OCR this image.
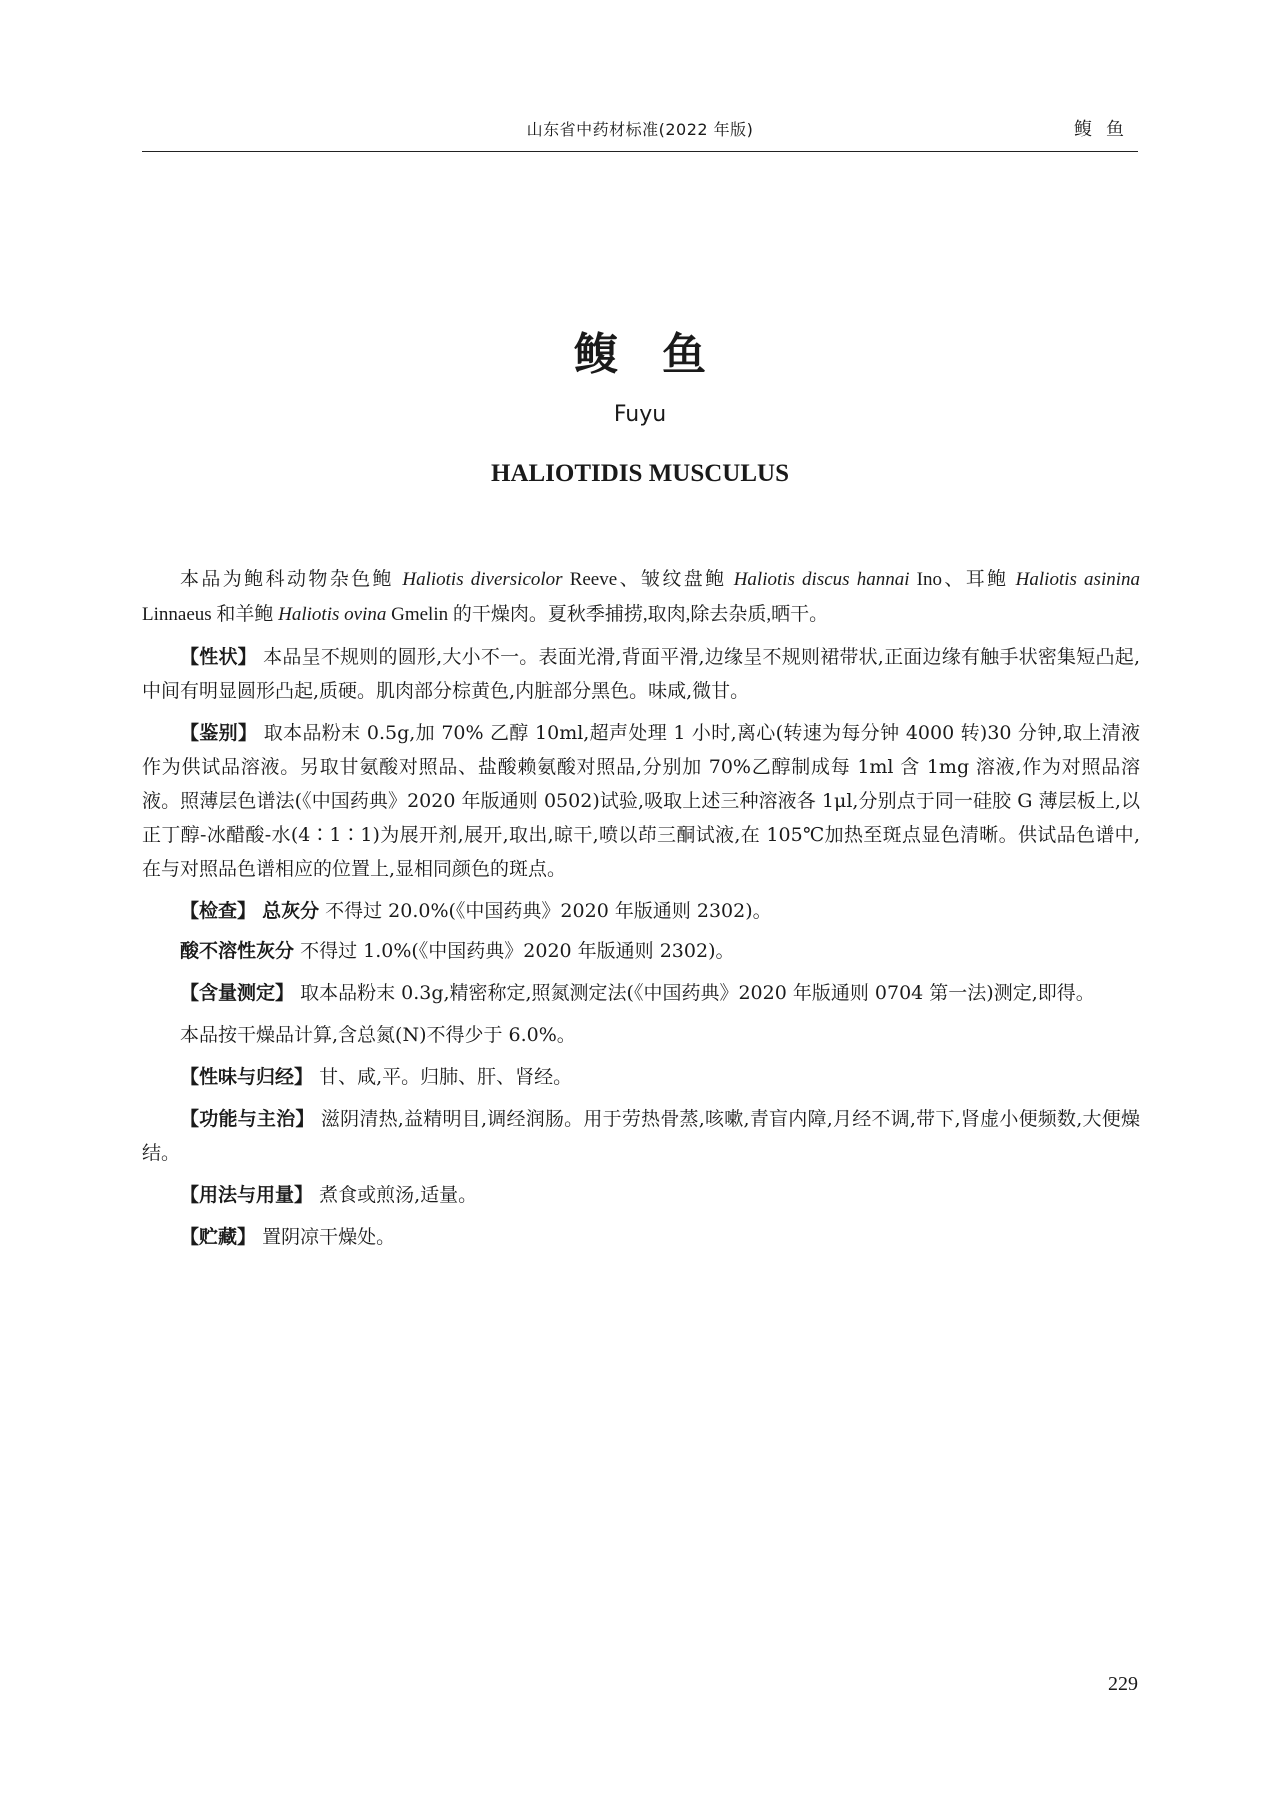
山东省中药材标准(2022 年版)	鳆鱼
鳆鱼
Fuyu
HALIOTIDIS MUSCULUS

本品为鲍科动物杂色鲍 Haliotis diversicolor Reeve、皱纹盘鲍 Haliotis discus hannai Ino、耳鲍 Haliotis asinina Linnaeus 和羊鲍 Haliotis ovina Gmelin 的干燥肉。夏秋季捕捞,取肉,除去杂质,晒干。

【性状】 本品呈不规则的圆形,大小不一。表面光滑,背面平滑,边缘呈不规则裙带状,正面边缘有触手状密集短凸起,中间有明显圆形凸起,质硬。肌肉部分棕黄色,内脏部分黑色。味咸,微甘。

【鉴别】 取本品粉末 0.5g,加 70% 乙醇 10ml,超声处理 1 小时,离心(转速为每分钟 4000 转)30 分钟,取上清液作为供试品溶液。另取甘氨酸对照品、盐酸赖氨酸对照品,分别加 70%乙醇制成每 1ml 含 1mg 溶液,作为对照品溶液。照薄层色谱法(《中国药典》2020 年版通则 0502)试验,吸取上述三种溶液各 1μl,分别点于同一硅胶 G 薄层板上,以正丁醇-冰醋酸-水(4∶1∶1)为展开剂,展开,取出,晾干,喷以茚三酮试液,在 105℃加热至斑点显色清晰。供试品色谱中,在与对照品色谱相应的位置上,显相同颜色的斑点。

【检查】 总灰分 不得过 20.0%(《中国药典》2020 年版通则 2302)。

酸不溶性灰分 不得过 1.0%(《中国药典》2020 年版通则 2302)。

【含量测定】 取本品粉末 0.3g,精密称定,照氮测定法(《中国药典》2020 年版通则 0704 第一法)测定,即得。

本品按干燥品计算,含总氮(N)不得少于 6.0%。

【性味与归经】 甘、咸,平。归肺、肝、肾经。

【功能与主治】 滋阴清热,益精明目,调经润肠。用于劳热骨蒸,咳嗽,青盲内障,月经不调,带下,肾虚小便频数,大便燥结。

【用法与用量】 煮食或煎汤,适量。

【贮藏】 置阴凉干燥处。

229
